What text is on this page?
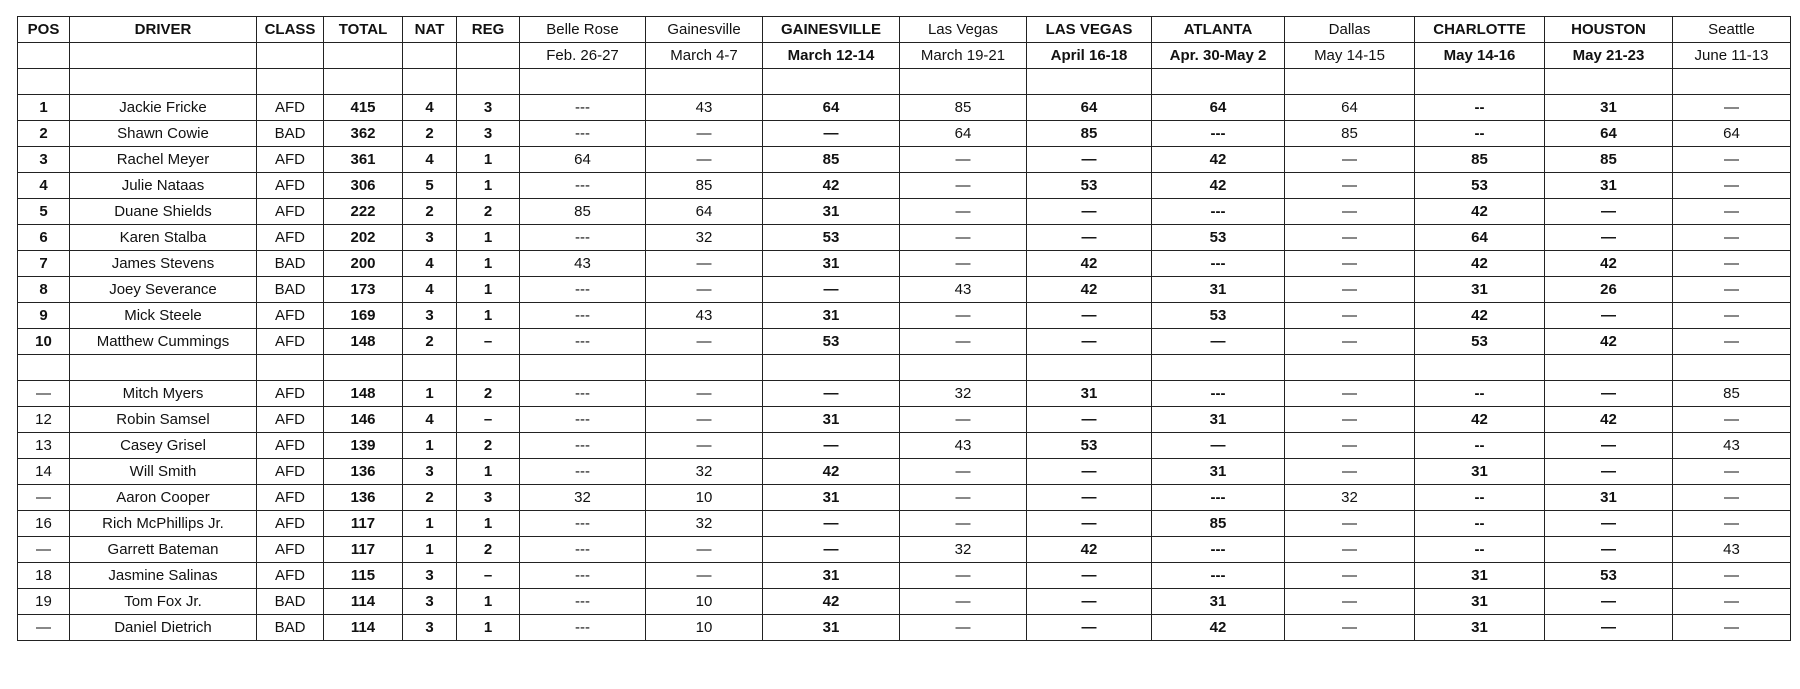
POS	DRIVER	CLASS	TOTAL	NAT	REG	Belle Rose	Gainesville	GAINESVILLE	Las Vegas	LAS VEGAS	ATLANTA	Dallas	CHARLOTTE	HOUSTON	Seattle
						Feb. 26-27	March 4-7	March 12-14	March 19-21	April 16-18	Apr. 30-May 2	May 14-15	May 14-16	May 21-23	June 11-13

1	Jackie Fricke	AFD	415	4	3	---	43	64	85	64	64	64	--	31	—
2	Shawn Cowie	BAD	362	2	3	---	—	—	64	85	---	85	--	64	64
3	Rachel Meyer	AFD	361	4	1	64	—	85	—	—	42	—	85	85	—
4	Julie Nataas	AFD	306	5	1	---	85	42	—	53	42	—	53	31	—
5	Duane Shields	AFD	222	2	2	85	64	31	—	—	---	—	42	—	—
6	Karen Stalba	AFD	202	3	1	---	32	53	—	—	53	—	64	—	—
7	James Stevens	BAD	200	4	1	43	—	31	—	42	---	—	42	42	—
8	Joey Severance	BAD	173	4	1	---	—	—	43	42	31	—	31	26	—
9	Mick Steele	AFD	169	3	1	---	43	31	—	—	53	—	42	—	—
10	Matthew Cummings	AFD	148	2	–	---	—	53	—	—	—	—	53	42	—

—	Mitch Myers	AFD	148	1	2	---	—	—	32	31	---	—	--	—	85
12	Robin Samsel	AFD	146	4	–	---	—	31	—	—	31	—	42	42	—
13	Casey Grisel	AFD	139	1	2	---	—	—	43	53	—	—	--	—	43
14	Will Smith	AFD	136	3	1	---	32	42	—	—	31	—	31	—	—
—	Aaron Cooper	AFD	136	2	3	32	10	31	—	—	---	32	--	31	—
16	Rich McPhillips Jr.	AFD	117	1	1	---	32	—	—	—	85	—	--	—	—
—	Garrett Bateman	AFD	117	1	2	---	—	—	32	42	---	—	--	—	43
18	Jasmine Salinas	AFD	115	3	–	---	—	31	—	—	---	—	31	53	—
19	Tom Fox Jr.	BAD	114	3	1	---	10	42	—	—	31	—	31	—	—
—	Daniel Dietrich	BAD	114	3	1	---	10	31	—	—	42	—	31	—	—
